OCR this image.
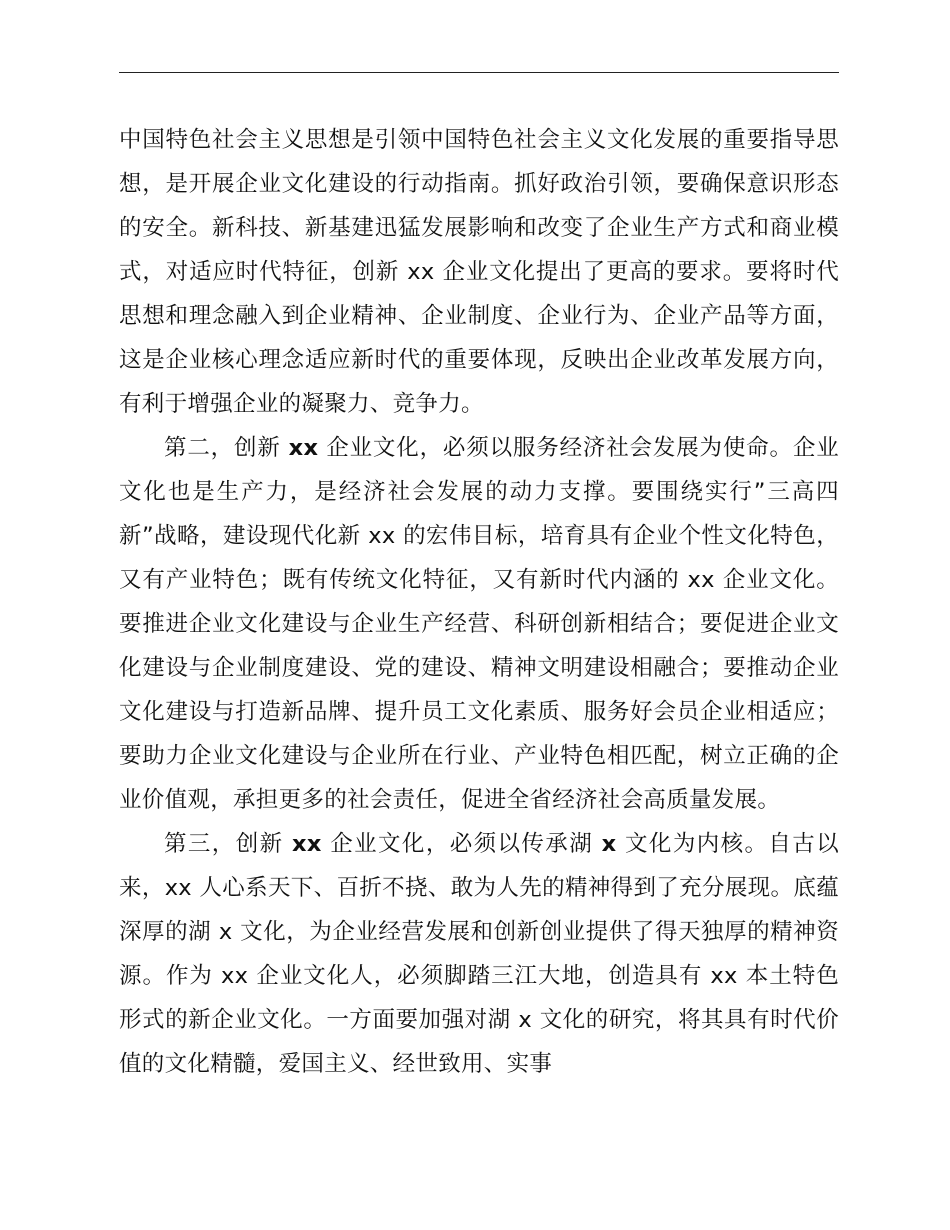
中国特色社会主义思想是引领中国特色社会主义文化发展的重要指导思想，是开展企业文化建设的行动指南。抓好政治引领，要确保意识形态的安全。新科技、新基建迅猛发展影响和改变了企业生产方式和商业模式，对适应时代特征，创新 xx 企业文化提出了更高的要求。要将时代思想和理念融入到企业精神、企业制度、企业行为、企业产品等方面，这是企业核心理念适应新时代的重要体现，反映出企业改革发展方向，有利于增强企业的凝聚力、竞争力。

第二，创新 xx 企业文化，必须以服务经济社会发展为使命。企业文化也是生产力，是经济社会发展的动力支撑。要围绕实行”三高四新”战略，建设现代化新 xx 的宏伟目标，培育具有企业个性文化特色，又有产业特色；既有传统文化特征，又有新时代内涵的 xx 企业文化。要推进企业文化建设与企业生产经营、科研创新相结合；要促进企业文化建设与企业制度建设、党的建设、精神文明建设相融合；要推动企业文化建设与打造新品牌、提升员工文化素质、服务好会员企业相适应；要助力企业文化建设与企业所在行业、产业特色相匹配，树立正确的企业价值观，承担更多的社会责任，促进全省经济社会高质量发展。

第三，创新 xx 企业文化，必须以传承湖 x 文化为内核。自古以来，xx 人心系天下、百折不挠、敢为人先的精神得到了充分展现。底蕴深厚的湖 x 文化，为企业经营发展和创新创业提供了得天独厚的精神资源。作为 xx 企业文化人，必须脚踏三江大地，创造具有 xx 本土特色形式的新企业文化。一方面要加强对湖 x 文化的研究，将其具有时代价值的文化精髓，爱国主义、经世致用、实事
